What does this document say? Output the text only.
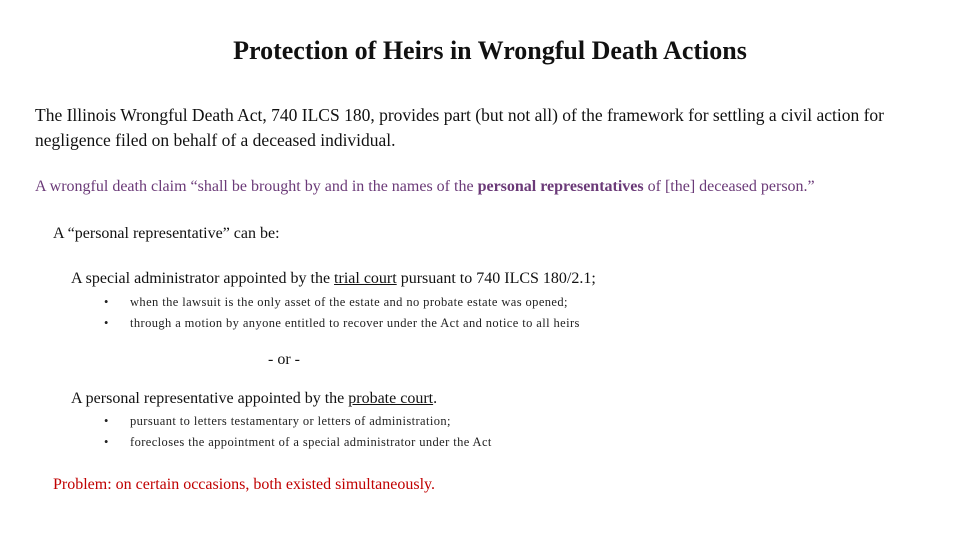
Protection of Heirs in Wrongful Death Actions
The Illinois Wrongful Death Act, 740 ILCS 180, provides part (but not all) of the framework for settling a civil action for negligence filed on behalf of a deceased individual.
A wrongful death claim “shall be brought by and in the names of the personal representatives of [the] deceased person.”
A “personal representative” can be:
A special administrator appointed by the trial court pursuant to 740 ILCS 180/2.1;
• when the lawsuit is the only asset of the estate and no probate estate was opened;
• through a motion by anyone entitled to recover under the Act and notice to all heirs
- or -
A personal representative appointed by the probate court.
• pursuant to letters testamentary or letters of administration;
• forecloses the appointment of a special administrator under the Act
Problem: on certain occasions, both existed simultaneously.
